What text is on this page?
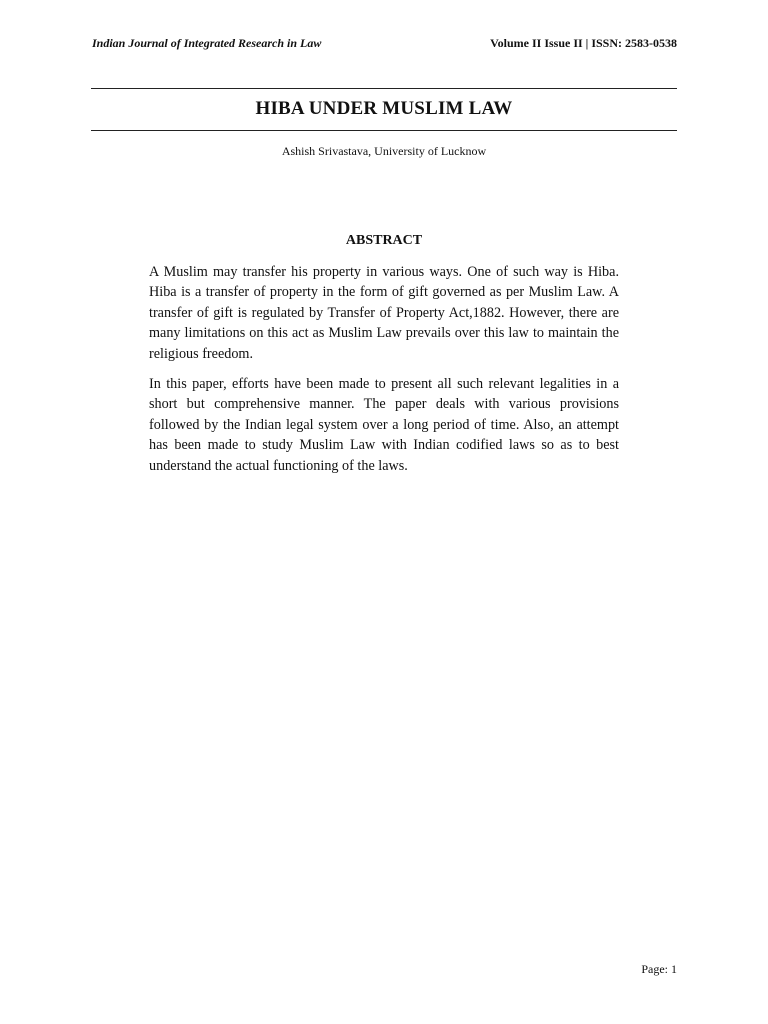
Indian Journal of Integrated Research in Law	Volume II Issue II | ISSN: 2583-0538
HIBA UNDER MUSLIM LAW
Ashish Srivastava, University of Lucknow
ABSTRACT

A Muslim may transfer his property in various ways. One of such way is Hiba. Hiba is a transfer of property in the form of gift governed as per Muslim Law. A transfer of gift is regulated by Transfer of Property Act,1882. However, there are many limitations on this act as Muslim Law prevails over this law to maintain the religious freedom.

In this paper, efforts have been made to present all such relevant legalities in a short but comprehensive manner. The paper deals with various provisions followed by the Indian legal system over a long period of time. Also, an attempt has been made to study Muslim Law with Indian codified laws so as to best understand the actual functioning of the laws.

Page: 1
